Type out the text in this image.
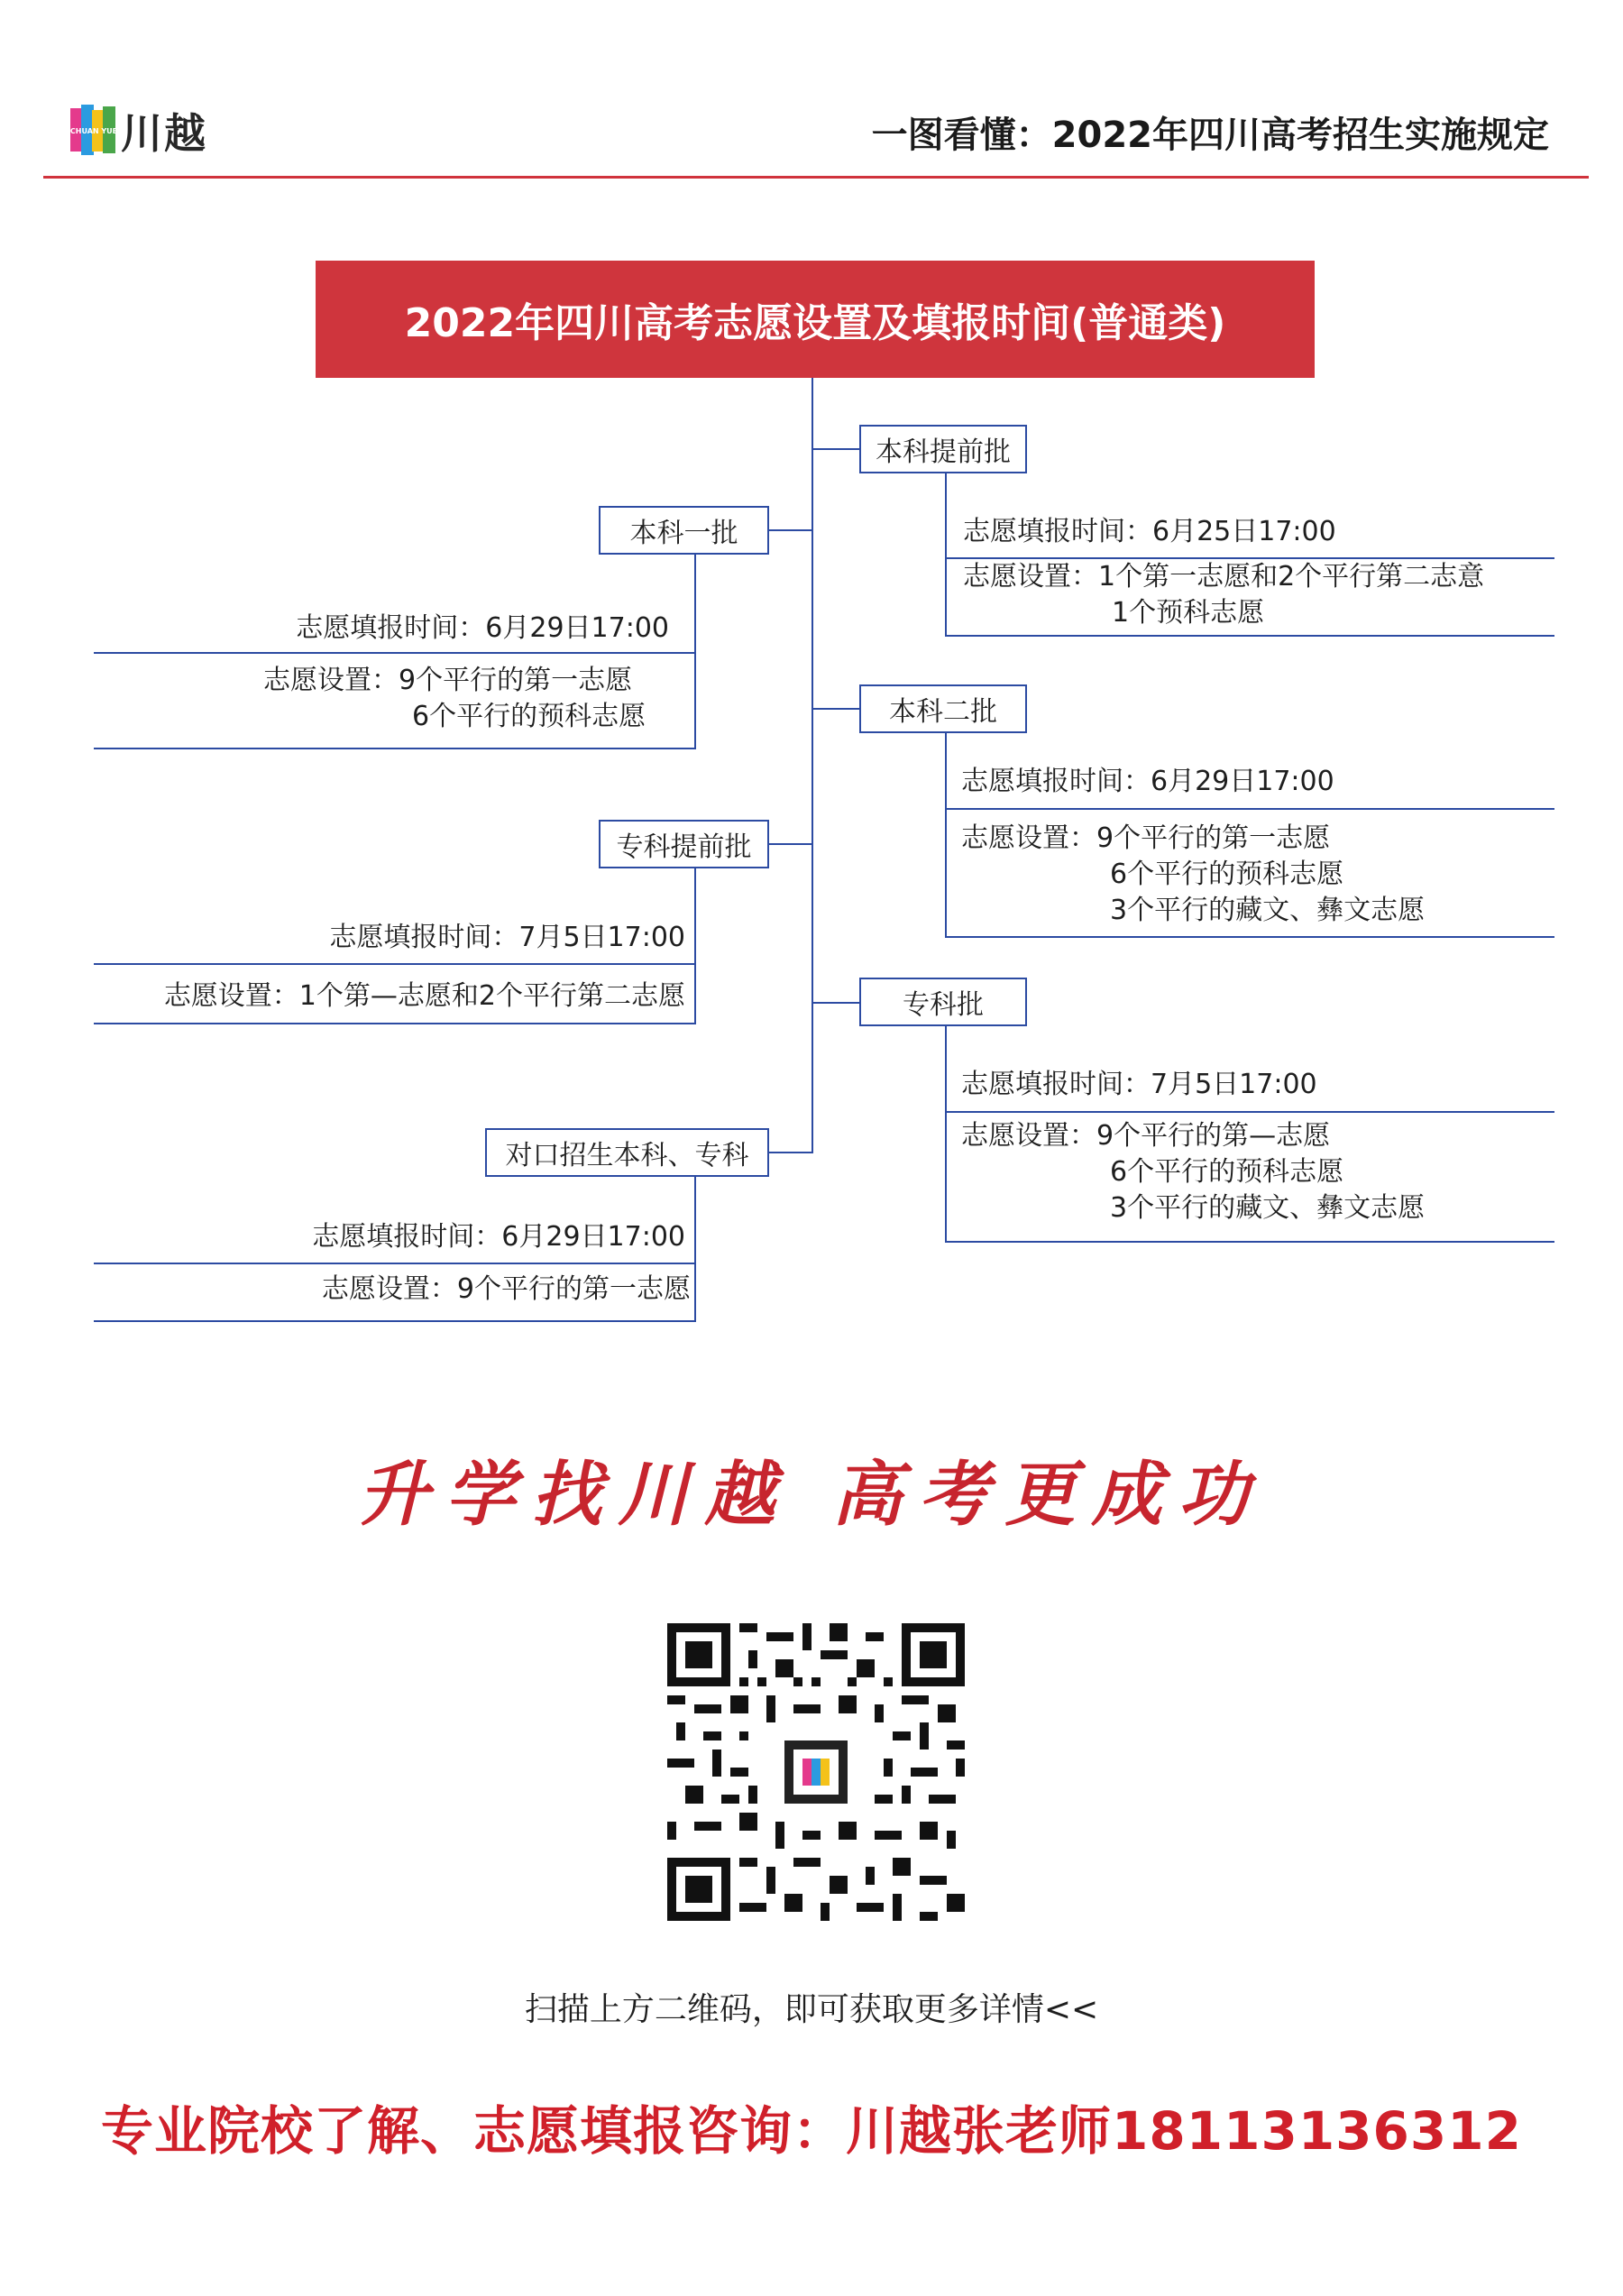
CHUAN YUE 川越	一图看懂：2022年四川高考招生实施规定
2022年四川高考志愿设置及填报时间(普通类)
本科提前批
志愿填报时间：6月25日17:00
志愿设置：1个第一志愿和2个平行第二志意
1个预科志愿
本科二批
志愿填报时间：6月29日17:00
志愿设置：9个平行的第一志愿
6个平行的预科志愿
3个平行的藏文、彝文志愿
专科批
志愿填报时间：7月5日17:00
志愿设置：9个平行的第—志愿
6个平行的预科志愿
3个平行的藏文、彝文志愿
本科一批
志愿填报时间：6月29日17:00
志愿设置：9个平行的第一志愿
6个平行的预科志愿
专科提前批
志愿填报时间：7月5日17:00
志愿设置：1个第—志愿和2个平行第二志愿
对口招生本科、专科
志愿填报时间：6月29日17:00
志愿设置：9个平行的第一志愿
升学找川越 高考更成功
扫描上方二维码，即可获取更多详情<<
专业院校了解、志愿填报咨询：川越张老师18113136312
